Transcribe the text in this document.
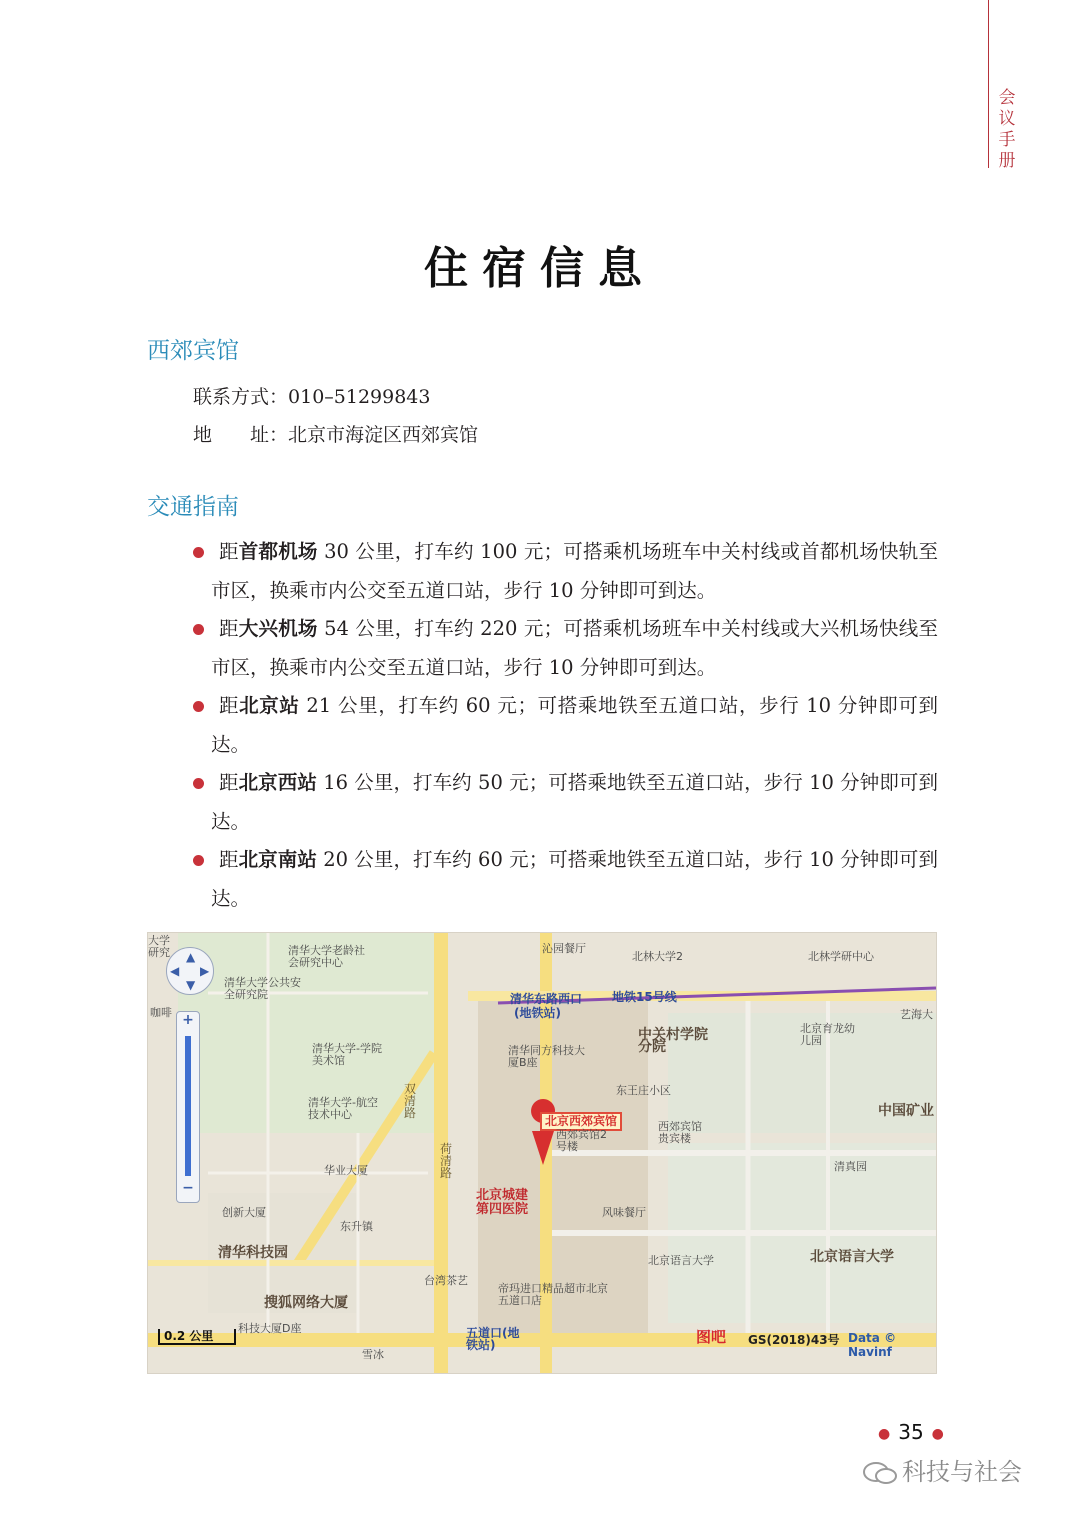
会议手册
住宿信息
西郊宾馆
联系方式：010–51299843
地　　址：北京市海淀区西郊宾馆
交通指南
距首都机场 30 公里，打车约 100 元；可搭乘机场班车中关村线或首都机场快轨至市区，换乘市内公交至五道口站，步行 10 分钟即可到达。
距大兴机场 54 公里，打车约 220 元；可搭乘机场班车中关村线或大兴机场快线至市区，换乘市内公交至五道口站，步行 10 分钟即可到达。
距北京站 21 公里，打车约 60 元；可搭乘地铁至五道口站，步行 10 分钟即可到达。
距北京西站 16 公里，打车约 50 元；可搭乘地铁至五道口站，步行 10 分钟即可到达。
距北京南站 20 公里，打车约 60 元；可搭乘地铁至五道口站，步行 10 分钟即可到达。
清华大学老龄社会研究中心
清华大学公共安全研究院
沁园餐厅
北林大学2	北林学研中心
清华东路西口
(地铁站)
地铁15号线
中关村学院分院
北京育龙幼儿园
清华大学-学院美术馆
清华同方科技大厦B座
东王庄小区
清华大学-航空技术中心
双清路
荷清路
北京西郊宾馆
西郊宾馆2号楼
西郊宾馆贵宾楼
中国矿业
华业大厦
北京城建第四医院
清真园
创新大厦
东升镇
风味餐厅
清华科技园	北京语言大学	北京语言大学
台湾茶艺
帝玛进口精品超市北京五道口店
搜狐网络大厦
科技大厦D座	五道口(地铁站)
雪冰
艺海大
咖啡
大学研究 ▲
◀ ▶
▼
+
−
0.2 公里	图吧 GS(2018)43号 Data © Navinf
● 35 ●
科技与社会
